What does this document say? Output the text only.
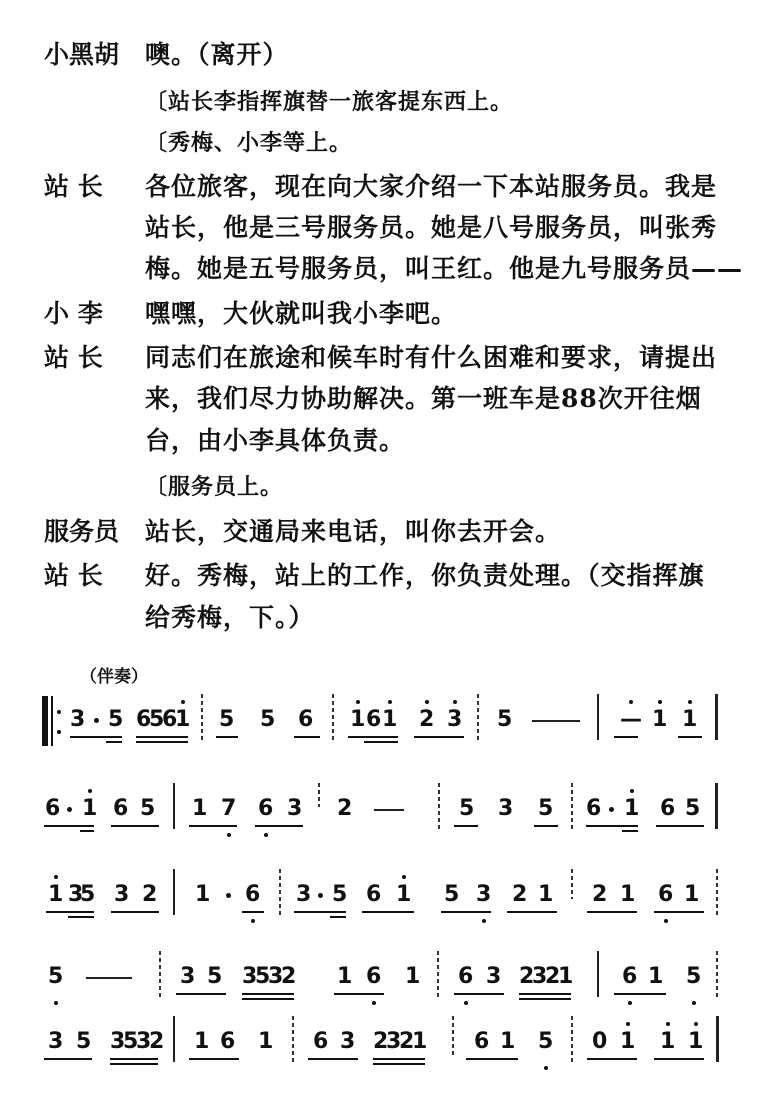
小黑胡 噢。（离开）
〔站长李指挥旗替一旅客提东西上。
〔秀梅、小李等上。
站 长 各位旅客，现在向大家介绍一下本站服务员。我是
站长，他是三号服务员。她是八号服务员，叫张秀
梅。她是五号服务员，叫王红。他是九号服务员——
小 李 嘿嘿，大伙就叫我小李吧。
站 长 同志们在旅途和候车时有什么困难和要求，请提出
来，我们尽力协助解决。第一班车是88次开往烟
台，由小李具体负责。
〔服务员上。
服务员 站长，交通局来电话，叫你去开会。
站 长 好。秀梅，站上的工作，你负责处理。（交指挥旗
给秀梅，下。）
（伴奏）
3 5 6
5
6
1 5 5 6 1 6 1 2 3 5	— 1 1
6 1 6 5 1 7 6 3 2	5 3 5 6 1 6 5
1 3
5 3 2 1 6 3 5 6 1 5 3 2 1 2 1 6 1
5	3 5 3
5
3
2 1 6 1 6 3 2
3
2
1 6 1 5
3 5 3
5
3
2 1 6 1 6 3 2
3
2
1 6 1 5 0 1 1 1
